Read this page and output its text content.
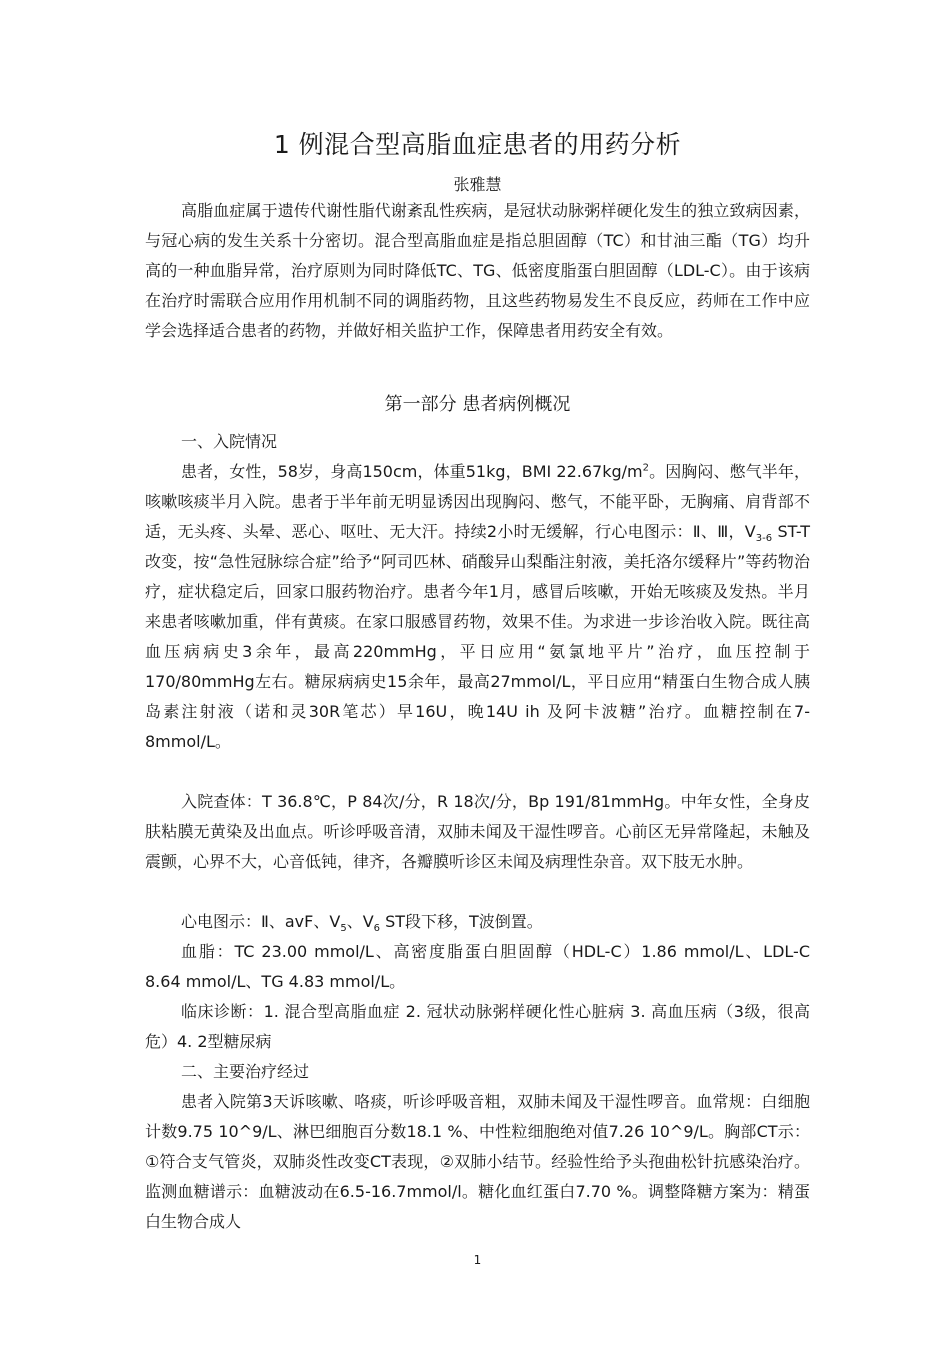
1 例混合型高脂血症患者的用药分析

张雅慧

高脂血症属于遗传代谢性脂代谢紊乱性疾病，是冠状动脉粥样硬化发生的独立致病因素，与冠心病的发生关系十分密切。混合型高脂血症是指总胆固醇（TC）和甘油三酯（TG）均升高的一种血脂异常，治疗原则为同时降低TC、TG、低密度脂蛋白胆固醇（LDL-C）。由于该病在治疗时需联合应用作用机制不同的调脂药物，且这些药物易发生不良反应，药师在工作中应学会选择适合患者的药物，并做好相关监护工作，保障患者用药安全有效。

第一部分 患者病例概况

一、入院情况

患者，女性，58岁，身高150cm，体重51kg，BMI $22.67kg/m^2$。因胸闷、憋气半年，咳嗽咳痰半月入院。患者于半年前无明显诱因出现胸闷、憋气，不能平卧，无胸痛、肩背部不适，无头疼、头晕、恶心、呕吐、无大汗。持续2小时无缓解，行心电图示：Ⅱ、Ⅲ，$V_{3-6}$ ST-T改变，按“急性冠脉综合症”给予“阿司匹林、硝酸异山梨酯注射液，美托洛尔缓释片”等药物治疗，症状稳定后，回家口服药物治疗。患者今年1月，感冒后咳嗽，开始无咳痰及发热。半月来患者咳嗽加重，伴有黄痰。在家口服感冒药物，效果不佳。为求进一步诊治收入院。既往高血压病病史3余年，最高220mmHg，平日应用“氨氯地平片”治疗，血压控制于170/80mmHg左右。糖尿病病史15余年，最高27mmol/L，平日应用“精蛋白生物合成人胰岛素注射液（诺和灵30R笔芯）早16U，晚14U ih 及阿卡波糖”治疗。血糖控制在7-8mmol/L。

入院查体：T 36.8℃，P 84次/分，R 18次/分，Bp 191/81mmHg。中年女性，全身皮肤粘膜无黄染及出血点。听诊呼吸音清，双肺未闻及干湿性啰音。心前区无异常隆起，未触及震颤，心界不大，心音低钝，律齐，各瓣膜听诊区未闻及病理性杂音。双下肢无水肿。

心电图示：Ⅱ、avF、$V_5$、$V_6$ ST段下移，T波倒置。

血脂：TC 23.00 mmol/L、高密度脂蛋白胆固醇（HDL-C）1.86 mmol/L、LDL-C 8.64 mmol/L、TG 4.83 mmol/L。

临床诊断：1. 混合型高脂血症 2. 冠状动脉粥样硬化性心脏病 3. 高血压病（3级，很高危）4. 2型糖尿病

二、主要治疗经过

患者入院第3天诉咳嗽、咯痰，听诊呼吸音粗，双肺未闻及干湿性啰音。血常规：白细胞计数9.75 10^9/L、淋巴细胞百分数18.1 %、中性粒细胞绝对值7.26 10^9/L。胸部CT示：①符合支气管炎，双肺炎性改变CT表现，②双肺小结节。经验性给予头孢曲松针抗感染治疗。监测血糖谱示：血糖波动在6.5-16.7mmol/l。糖化血红蛋白7.70 %。调整降糖方案为：精蛋白生物合成人

1
